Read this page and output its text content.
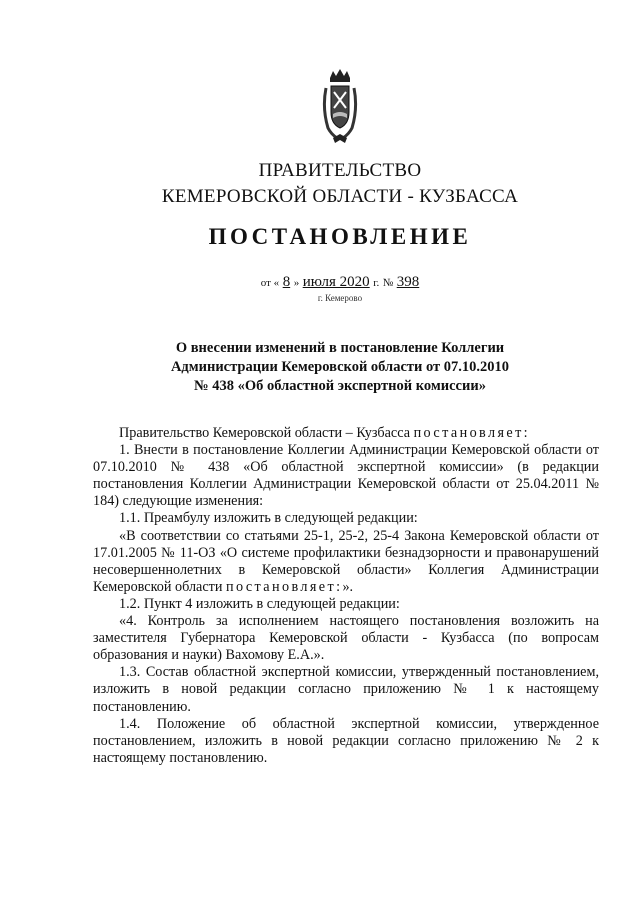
ПРАВИТЕЛЬСТВО
КЕМЕРОВСКОЙ ОБЛАСТИ - КУЗБАССА
ПОСТАНОВЛЕНИЕ
от « 8 » июля 2020 г. № 398
г. Кемерово
О внесении изменений в постановление Коллегии
Администрации Кемеровской области от 07.10.2010
№ 438 «Об областной экспертной комиссии»

Правительство Кемеровской области – Кузбасса постановляет:

1. Внести в постановление Коллегии Администрации Кемеровской области от 07.10.2010 № 438 «Об областной экспертной комиссии» (в редакции постановления Коллегии Администрации Кемеровской области от 25.04.2011 № 184) следующие изменения:

1.1. Преамбулу изложить в следующей редакции:

«В соответствии со статьями 25-1, 25-2, 25-4 Закона Кемеровской области от 17.01.2005 № 11-ОЗ «О системе профилактики безнадзорности и правонарушений несовершеннолетних в Кемеровской области» Коллегия Администрации Кемеровской области постановляет:».

1.2. Пункт 4 изложить в следующей редакции:

«4. Контроль за исполнением настоящего постановления возложить на заместителя Губернатора Кемеровской области - Кузбасса (по вопросам образования и науки) Вахомову Е.А.».

1.3. Состав областной экспертной комиссии, утвержденный постановлением, изложить в новой редакции согласно приложению № 1 к настоящему постановлению.

1.4. Положение об областной экспертной комиссии, утвержденное постановлением, изложить в новой редакции согласно приложению № 2 к настоящему постановлению.
